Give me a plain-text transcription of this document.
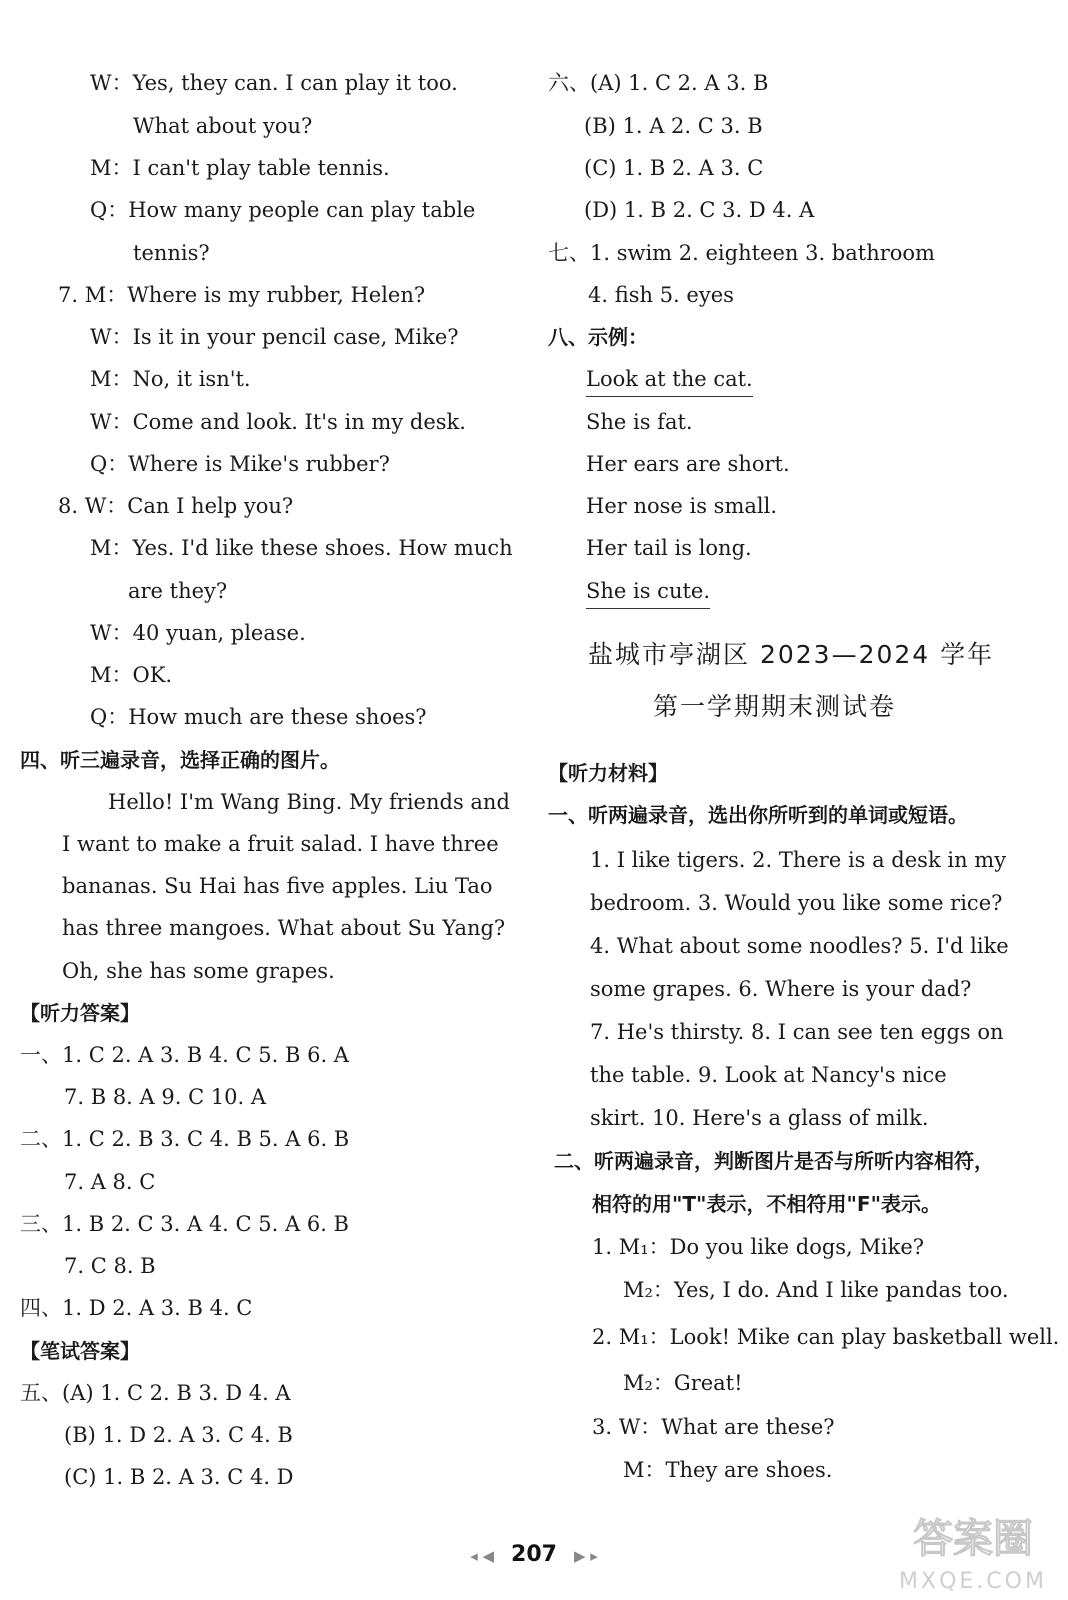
W：Yes, they can. I can play it too.
What about you?
M：I can't play table tennis.
Q：How many people can play table
tennis?
7. M：Where is my rubber, Helen?
W：Is it in your pencil case, Mike?
M：No, it isn't.
W：Come and look. It's in my desk.
Q：Where is Mike's rubber?
8. W：Can I help you?
M：Yes. I'd like these shoes. How much
are they?
W：40 yuan, please.
M：OK.
Q：How much are these shoes?
四、听三遍录音，选择正确的图片。
Hello! I'm Wang Bing. My friends and
I want to make a fruit salad. I have three
bananas. Su Hai has five apples. Liu Tao
has three mangoes. What about Su Yang?
Oh, she has some grapes.
【听力答案】
一、1. C 2. A 3. B 4. C 5. B 6. A
7. B 8. A 9. C 10. A
二、1. C 2. B 3. C 4. B 5. A 6. B
7. A 8. C
三、1. B 2. C 3. A 4. C 5. A 6. B
7. C 8. B
四、1. D 2. A 3. B 4. C
【笔试答案】
五、(A) 1. C 2. B 3. D 4. A
(B) 1. D 2. A 3. C 4. B
(C) 1. B 2. A 3. C 4. D
六、(A) 1. C 2. A 3. B
(B) 1. A 2. C 3. B
(C) 1. B 2. A 3. C
(D) 1. B 2. C 3. D 4. A
七、1. swim 2. eighteen 3. bathroom
4. fish 5. eyes
八、示例：
Look at the cat.
She is fat.
Her ears are short.
Her nose is small.
Her tail is long.
She is cute.
盐城市亭湖区 2023—2024 学年
第一学期期末测试卷
【听力材料】
一、听两遍录音，选出你所听到的单词或短语。
1. I like tigers. 2. There is a desk in my
bedroom. 3. Would you like some rice?
4. What about some noodles? 5. I'd like
some grapes. 6. Where is your dad?
7. He's thirsty. 8. I can see ten eggs on
the table. 9. Look at Nancy's nice
skirt. 10. Here's a glass of milk.
二、听两遍录音，判断图片是否与所听内容相符，
相符的用"T"表示，不相符用"F"表示。
1. M₁：Do you like dogs, Mike?
M₂：Yes, I do. And I like pandas too.
2. M₁：Look! Mike can play basketball well.
M₂：Great!
3. W：What are these?
M：They are shoes.
◂ ◀ 207 ▶ ▸	答案圈
MXQE.COM
